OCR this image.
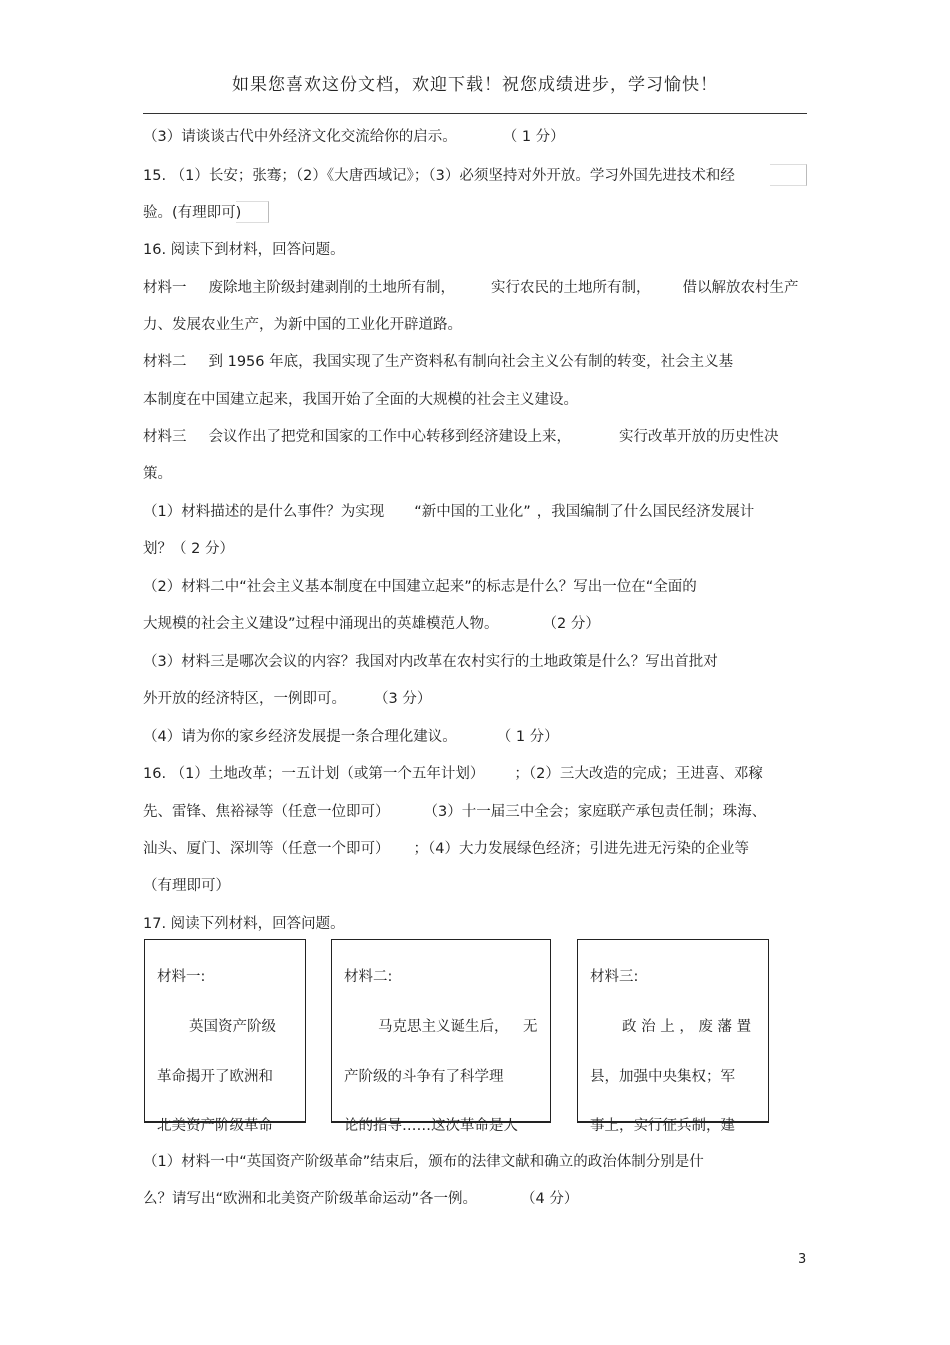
如果您喜欢这份文档，欢迎下载！祝您成绩进步，学习愉快！
（3）请谈谈古代中外经济文化交流给你的启示。	（ 1 分）
15. （1）长安；张骞；（2）《大唐西域记》；（3）必须坚持对外开放。学习外国先进技术和经
验。(有理即可)
16. 阅读下到材料，回答问题。
材料一 废除地主阶级封建剥削的土地所有制， 实行农民的土地所有制， 借以解放农村生产
力、发展农业生产，为新中国的工业化开辟道路。
材料二 到 1956 年底，我国实现了生产资料私有制向社会主义公有制的转变，社会主义基
本制度在中国建立起来，我国开始了全面的大规模的社会主义建设。
材料三 会议作出了把党和国家的工作中心转移到经济建设上来，	实行改革开放的历史性决
策。
（1）材料描述的是什么事件？为实现 “新中国的工业化” ，我国编制了什么国民经济发展计
划？（ 2 分）
（2）材料二中“社会主义基本制度在中国建立起来”的标志是什么？写出一位在“全面的
大规模的社会主义建设”过程中涌现出的英雄模范人物。	（2 分）
（3）材料三是哪次会议的内容？我国对内改革在农村实行的土地政策是什么？写出首批对
外开放的经济特区，一例即可。 （3 分）
（4）请为你的家乡经济发展提一条合理化建议。	（ 1 分）
16. （1）土地改革；一五计划（或第一个五年计划） ；（2）三大改造的完成；王进喜、邓稼
先、雷锋、焦裕禄等（任意一位即可） （3）十一届三中全会；家庭联产承包责任制；珠海、
汕头、厦门、深圳等（任意一个即可） ；（4）大力发展绿色经济；引进先进无污染的企业等
（有理即可）
17. 阅读下列材料，回答问题。
材料一:
英国资产阶级
革命揭开了欧洲和
北美资产阶级革命
材料二:
马克思主义诞生后， 无
产阶级的斗争有了科学理
论的指导……这次革命是人
材料三:
政 治 上 ， 废 藩 置
县，加强中央集权；军
事上，实行征兵制，建
（1）材料一中“英国资产阶级革命”结束后，颁布的法律文献和确立的政治体制分别是什
么？请写出“欧洲和北美资产阶级革命运动”各一例。	（4 分）
3
